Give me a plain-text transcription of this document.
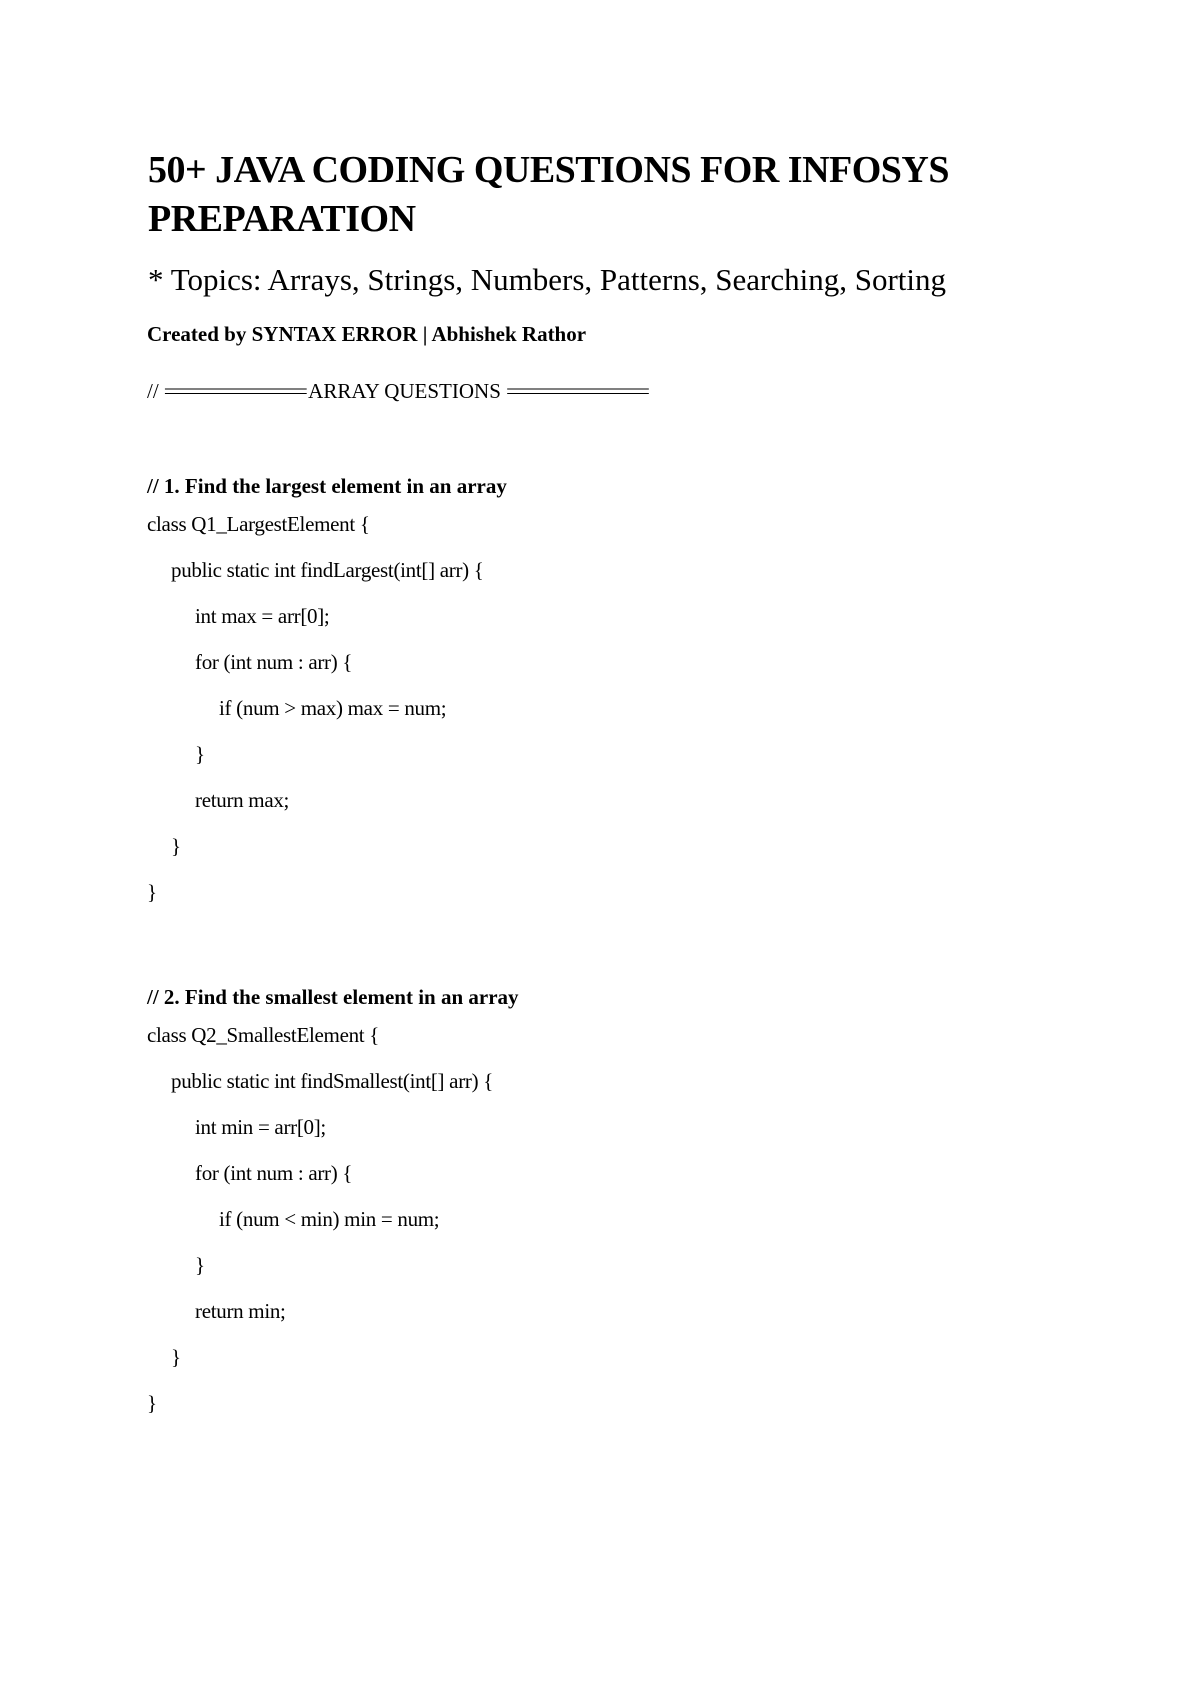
50+ JAVA CODING QUESTIONS FOR INFOSYS
PREPARATION
* Topics: Arrays, Strings, Numbers, Patterns, Searching, Sorting
Created by SYNTAX ERROR | Abhishek Rathor
// ================= ARRAY QUESTIONS =================
// 1. Find the largest element in an array
class Q1_LargestElement {
public static int findLargest(int[] arr) {
int max = arr[0];
for (int num : arr) {
if (num > max) max = num;
}
return max;
}
}
// 2. Find the smallest element in an array
class Q2_SmallestElement {
public static int findSmallest(int[] arr) {
int min = arr[0];
for (int num : arr) {
if (num < min) min = num;
}
return min;
}
}
